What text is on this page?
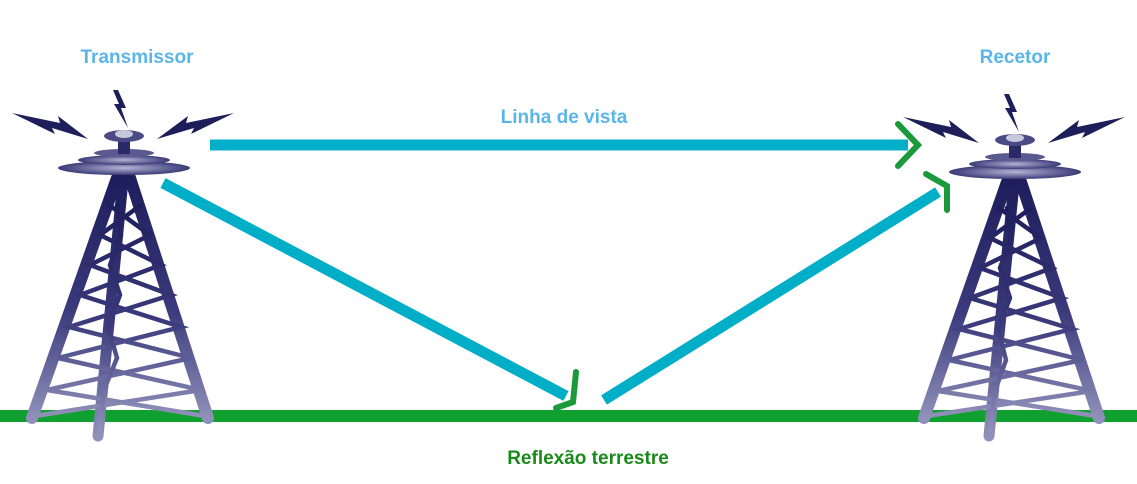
Transmissor	Recetor
Linha de vista
Reflexão terrestre
